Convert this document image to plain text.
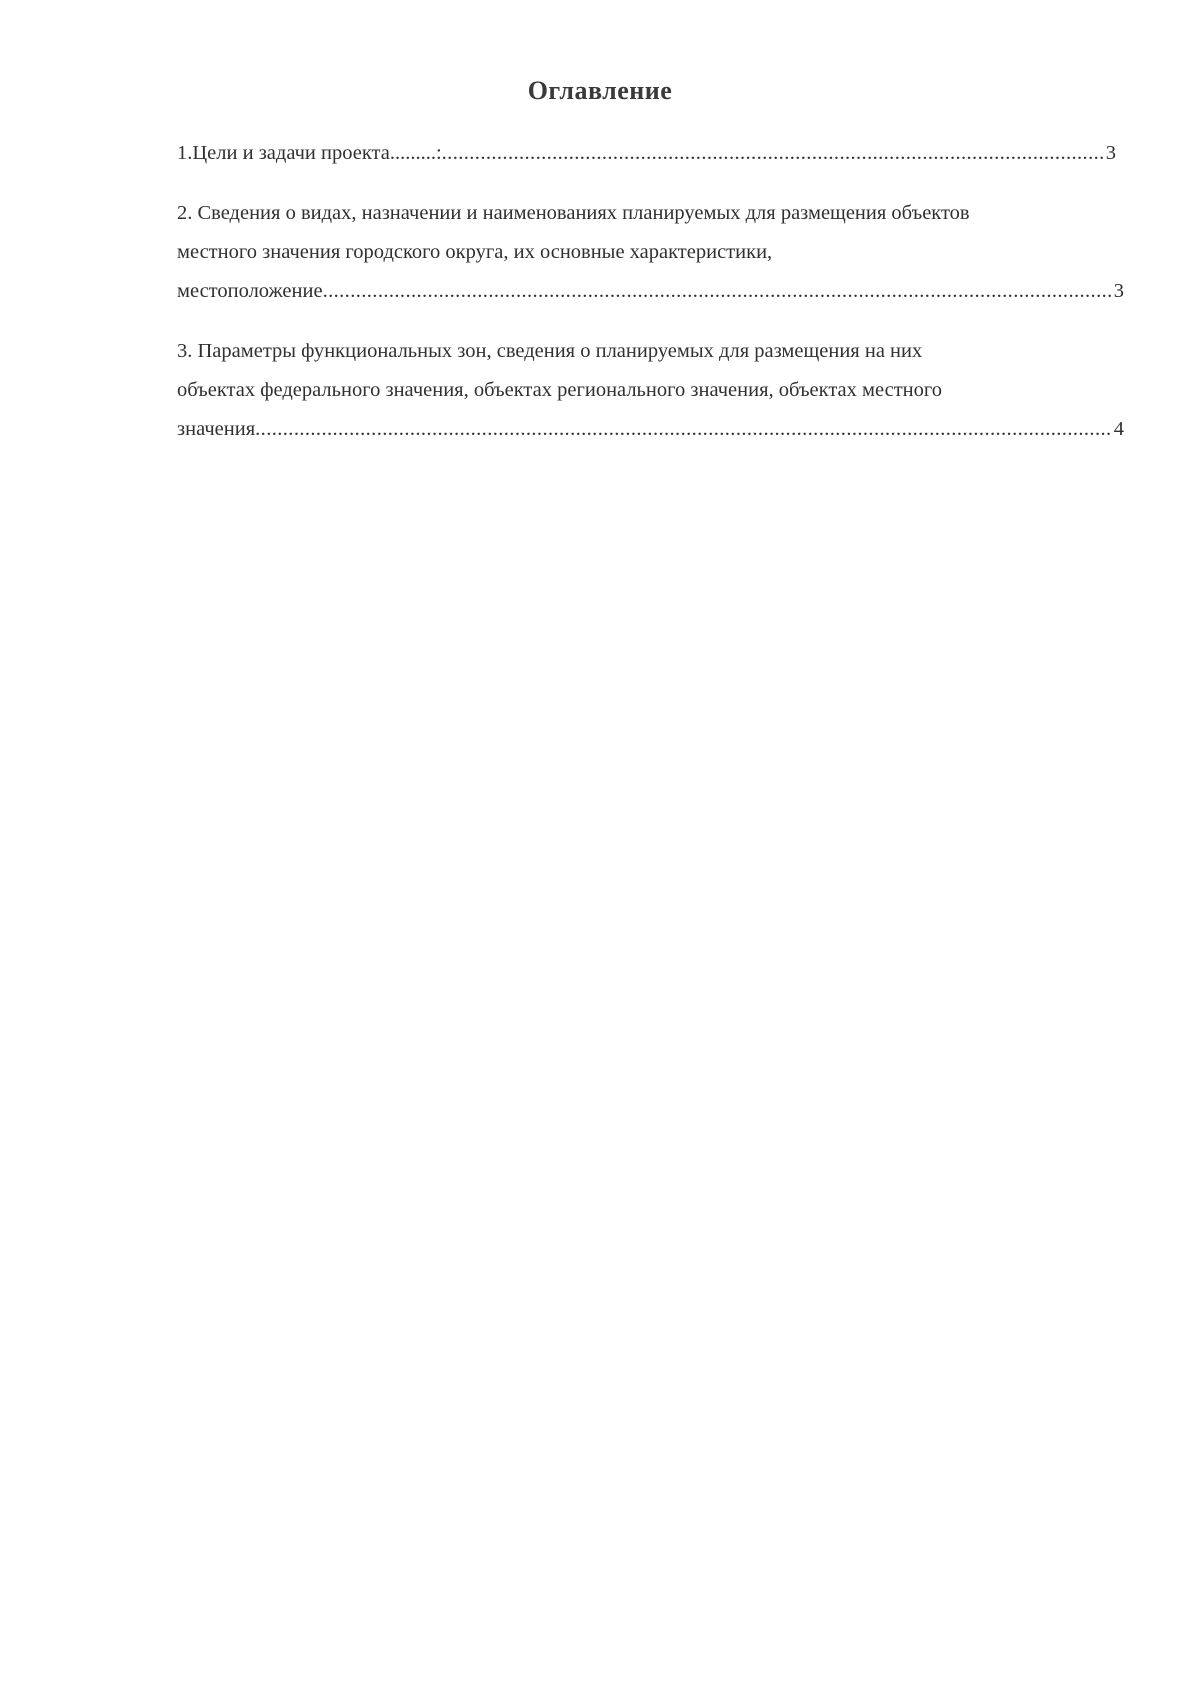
Оглавление
1.Цели и задачи проекта.........: .....	3
2. Сведения о видах, назначении и наименованиях планируемых для размещения объектов
местного значения городского округа, их основные характеристики,
местоположение .....	3
3. Параметры функциональных зон, сведения о планируемых для размещения на них
объектах федерального значения, объектах регионального значения, объектах местного
значения .....	4
